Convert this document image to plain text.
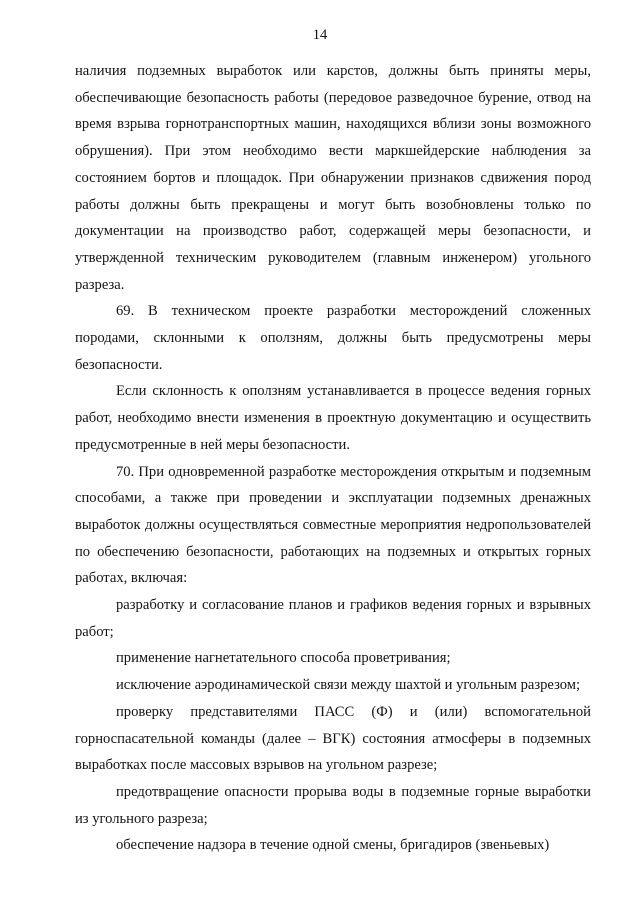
14

наличия подземных выработок или карстов, должны быть приняты меры, обеспечивающие безопасность работы (передовое разведочное бурение, отвод на время взрыва горнотранспортных машин, находящихся вблизи зоны возможного обрушения). При этом необходимо вести маркшейдерские наблюдения за состоянием бортов и площадок. При обнаружении признаков сдвижения пород работы должны быть прекращены и могут быть возобновлены только по документации на производство работ, содержащей меры безопасности, и утвержденной техническим руководителем (главным инженером) угольного разреза.

69. В техническом проекте разработки месторождений сложенных породами, склонными к оползням, должны быть предусмотрены меры безопасности.

Если склонность к оползням устанавливается в процессе ведения горных работ, необходимо внести изменения в проектную документацию и осуществить предусмотренные в ней меры безопасности.

70. При одновременной разработке месторождения открытым и подземным способами, а также при проведении и эксплуатации подземных дренажных выработок должны осуществляться совместные мероприятия недропользователей по обеспечению безопасности, работающих на подземных и открытых горных работах, включая:

разработку и согласование планов и графиков ведения горных и взрывных работ;

применение нагнетательного способа проветривания;

исключение аэродинамической связи между шахтой и угольным разрезом;

проверку представителями ПАСС (Ф) и (или) вспомогательной горноспасательной команды (далее – ВГК) состояния атмосферы в подземных выработках после массовых взрывов на угольном разрезе;

предотвращение опасности прорыва воды в подземные горные выработки из угольного разреза;

обеспечение надзора в течение одной смены, бригадиров (звеньевых)
